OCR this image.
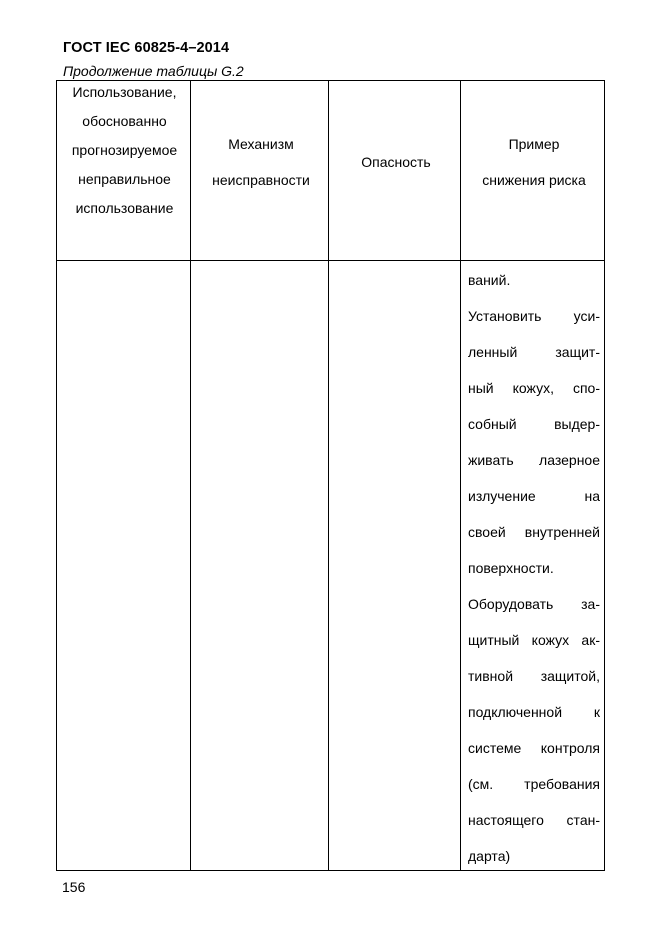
ГОСТ IEC 60825-4–2014
Продолжение таблицы G.2
Использование,
обоснованно
прогнозируемое
неправильное
использование
Механизм
неисправности
Опасность
Пример
снижения риска
ваний.
Установить уси-
ленный защит-
ный кожух, спо-
собный выдер-
живать лазерное
излучение на
своей внутренней
поверхности.
Оборудовать за-
щитный кожух ак-
тивной защитой,
подключенной к
системе контроля
(см. требования
настоящего стан-
дарта)
156
